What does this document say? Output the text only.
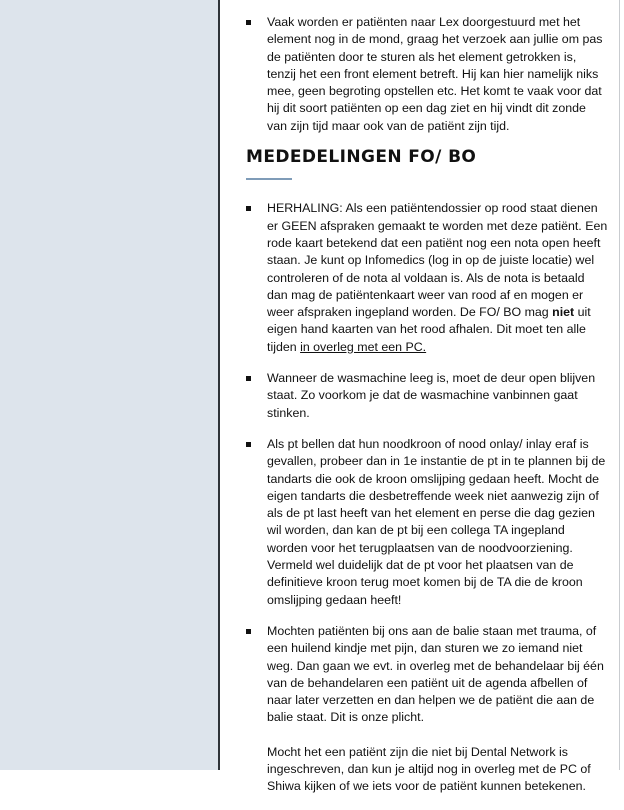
Vaak worden er patiënten naar Lex doorgestuurd met het element nog in de mond, graag het verzoek aan jullie om pas de patiënten door te sturen als het element getrokken is, tenzij het een front element betreft. Hij kan hier namelijk niks mee, geen begroting opstellen etc. Het komt te vaak voor dat hij dit soort patiënten op een dag ziet en hij vindt dit zonde van zijn tijd maar ook van de patiënt zijn tijd.

MEDEDELINGEN FO/ BO

HERHALING: Als een patiëntendossier op rood staat dienen er GEEN afspraken gemaakt te worden met deze patiënt. Een rode kaart betekend dat een patiënt nog een nota open heeft staan. Je kunt op Infomedics (log in op de juiste locatie) wel controleren of de nota al voldaan is. Als de nota is betaald dan mag de patiëntenkaart weer van rood af en mogen er weer afspraken ingepland worden. De FO/ BO mag niet uit eigen hand kaarten van het rood afhalen. Dit moet ten alle tijden in overleg met een PC.

Wanneer de wasmachine leeg is, moet de deur open blijven staat. Zo voorkom je dat de wasmachine vanbinnen gaat stinken.

Als pt bellen dat hun noodkroon of nood onlay/ inlay eraf is gevallen, probeer dan in 1e instantie de pt in te plannen bij de tandarts die ook de kroon omslijping gedaan heeft. Mocht de eigen tandarts die desbetreffende week niet aanwezig zijn of als de pt last heeft van het element en perse die dag gezien wil worden, dan kan de pt bij een collega TA ingepland worden voor het terugplaatsen van de noodvoorziening. Vermeld wel duidelijk dat de pt voor het plaatsen van de definitieve kroon terug moet komen bij de TA die de kroon omslijping gedaan heeft!

Mochten patiënten bij ons aan de balie staan met trauma, of een huilend kindje met pijn, dan sturen we zo iemand niet weg. Dan gaan we evt. in overleg met de behandelaar bij één van de behandelaren een patiënt uit de agenda afbellen of naar later verzetten en dan helpen we de patiënt die aan de balie staat. Dit is onze plicht.

Mocht het een patiënt zijn die niet bij Dental Network is ingeschreven, dan kun je altijd nog in overleg met de PC of Shiwa kijken of we iets voor de patiënt kunnen betekenen.
